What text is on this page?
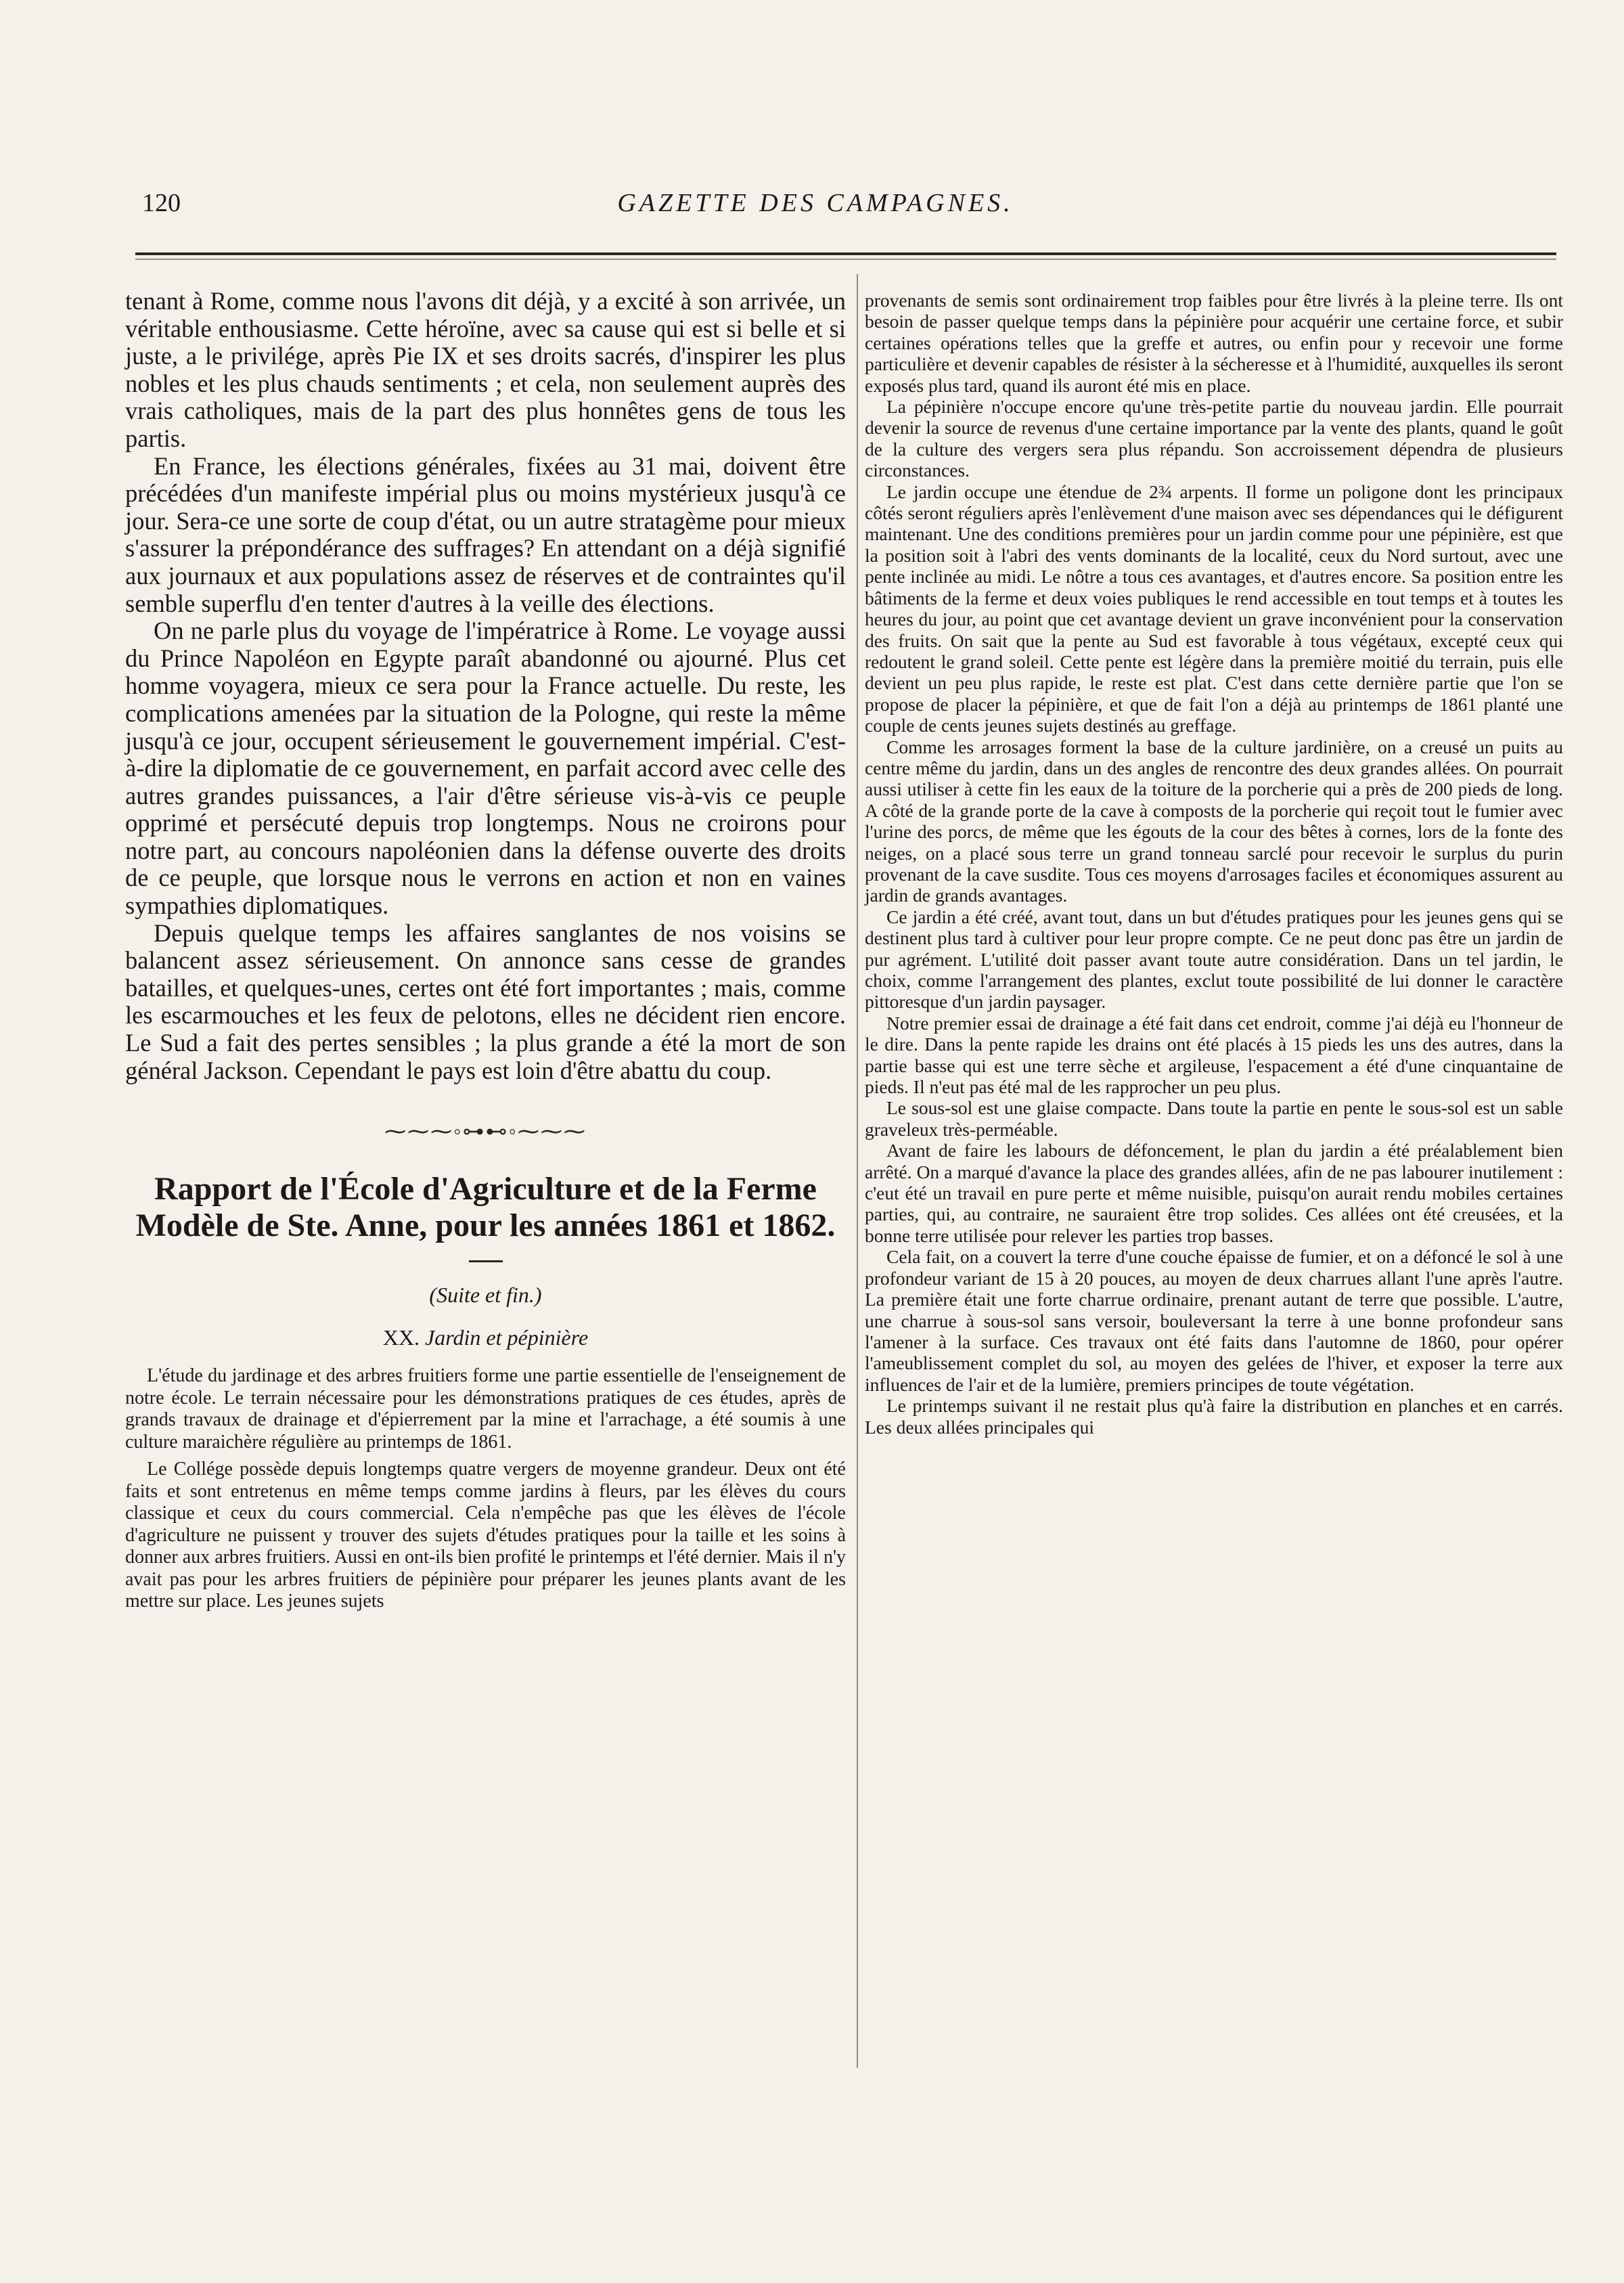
120	GAZETTE DES CAMPAGNES.

tenant à Rome, comme nous l'avons dit déjà, y a excité à son arrivée, un véritable enthousiasme. Cette héroïne, avec sa cause qui est si belle et si juste, a le privilége, après Pie IX et ses droits sacrés, d'inspirer les plus nobles et les plus chauds sentiments ; et cela, non seulement auprès des vrais catholiques, mais de la part des plus honnêtes gens de tous les partis.

En France, les élections générales, fixées au 31 mai, doivent être précédées d'un manifeste impérial plus ou moins mystérieux jusqu'à ce jour. Sera-ce une sorte de coup d'état, ou un autre stratagème pour mieux s'assurer la prépondérance des suffrages? En attendant on a déjà signifié aux journaux et aux populations assez de réserves et de contraintes qu'il semble superflu d'en tenter d'autres à la veille des élections.

On ne parle plus du voyage de l'impératrice à Rome. Le voyage aussi du Prince Napoléon en Egypte paraît abandonné ou ajourné. Plus cet homme voyagera, mieux ce sera pour la France actuelle. Du reste, les complications amenées par la situation de la Pologne, qui reste la même jusqu'à ce jour, occupent sérieusement le gouvernement impérial. C'est-à-dire la diplomatie de ce gouvernement, en parfait accord avec celle des autres grandes puissances, a l'air d'être sérieuse vis-à-vis ce peuple opprimé et persécuté depuis trop longtemps. Nous ne croirons pour notre part, au concours napoléonien dans la défense ouverte des droits de ce peuple, que lorsque nous le verrons en action et non en vaines sympathies diplomatiques.

Depuis quelque temps les affaires sanglantes de nos voisins se balancent assez sérieusement. On annonce sans cesse de grandes batailles, et quelques-unes, certes ont été fort importantes ; mais, comme les escarmouches et les feux de pelotons, elles ne décident rien encore. Le Sud a fait des pertes sensibles ; la plus grande a été la mort de son général Jackson. Cependant le pays est loin d'être abattu du coup.

⁓⁓⁓◦⊶⊷◦⁓⁓⁓
Rapport de l'École d'Agriculture et de la Ferme Modèle de Ste. Anne, pour les années 1861 et 1862.

(Suite et fin.)

XX. Jardin et pépinière

L'étude du jardinage et des arbres fruitiers forme une partie essentielle de l'enseignement de notre école. Le terrain nécessaire pour les démonstrations pratiques de ces études, après de grands travaux de drainage et d'épierrement par la mine et l'arrachage, a été soumis à une culture maraichère régulière au printemps de 1861.

Le Collége possède depuis longtemps quatre vergers de moyenne grandeur. Deux ont été faits et sont entretenus en même temps comme jardins à fleurs, par les élèves du cours classique et ceux du cours commercial. Cela n'empêche pas que les élèves de l'école d'agriculture ne puissent y trouver des sujets d'études pratiques pour la taille et les soins à donner aux arbres fruitiers. Aussi en ont-ils bien profité le printemps et l'été dernier. Mais il n'y avait pas pour les arbres fruitiers de pépinière pour préparer les jeunes plants avant de les mettre sur place. Les jeunes sujets

provenants de semis sont ordinairement trop faibles pour être livrés à la pleine terre. Ils ont besoin de passer quelque temps dans la pépinière pour acquérir une certaine force, et subir certaines opérations telles que la greffe et autres, ou enfin pour y recevoir une forme particulière et devenir capables de résister à la sécheresse et à l'humidité, auxquelles ils seront exposés plus tard, quand ils auront été mis en place.

La pépinière n'occupe encore qu'une très-petite partie du nouveau jardin. Elle pourrait devenir la source de revenus d'une certaine importance par la vente des plants, quand le goût de la culture des vergers sera plus répandu. Son accroissement dépendra de plusieurs circonstances.

Le jardin occupe une étendue de 2¾ arpents. Il forme un poligone dont les principaux côtés seront réguliers après l'enlèvement d'une maison avec ses dépendances qui le défigurent maintenant. Une des conditions premières pour un jardin comme pour une pépinière, est que la position soit à l'abri des vents dominants de la localité, ceux du Nord surtout, avec une pente inclinée au midi. Le nôtre a tous ces avantages, et d'autres encore. Sa position entre les bâtiments de la ferme et deux voies publiques le rend accessible en tout temps et à toutes les heures du jour, au point que cet avantage devient un grave inconvénient pour la conservation des fruits. On sait que la pente au Sud est favorable à tous végétaux, excepté ceux qui redoutent le grand soleil. Cette pente est légère dans la première moitié du terrain, puis elle devient un peu plus rapide, le reste est plat. C'est dans cette dernière partie que l'on se propose de placer la pépinière, et que de fait l'on a déjà au printemps de 1861 planté une couple de cents jeunes sujets destinés au greffage.

Comme les arrosages forment la base de la culture jardinière, on a creusé un puits au centre même du jardin, dans un des angles de rencontre des deux grandes allées. On pourrait aussi utiliser à cette fin les eaux de la toiture de la porcherie qui a près de 200 pieds de long. A côté de la grande porte de la cave à composts de la porcherie qui reçoit tout le fumier avec l'urine des porcs, de même que les égouts de la cour des bêtes à cornes, lors de la fonte des neiges, on a placé sous terre un grand tonneau sarclé pour recevoir le surplus du purin provenant de la cave susdite. Tous ces moyens d'arrosages faciles et économiques assurent au jardin de grands avantages.

Ce jardin a été créé, avant tout, dans un but d'études pratiques pour les jeunes gens qui se destinent plus tard à cultiver pour leur propre compte. Ce ne peut donc pas être un jardin de pur agrément. L'utilité doit passer avant toute autre considération. Dans un tel jardin, le choix, comme l'arrangement des plantes, exclut toute possibilité de lui donner le caractère pittoresque d'un jardin paysager.

Notre premier essai de drainage a été fait dans cet endroit, comme j'ai déjà eu l'honneur de le dire. Dans la pente rapide les drains ont été placés à 15 pieds les uns des autres, dans la partie basse qui est une terre sèche et argileuse, l'espacement a été d'une cinquantaine de pieds. Il n'eut pas été mal de les rapprocher un peu plus.

Le sous-sol est une glaise compacte. Dans toute la partie en pente le sous-sol est un sable graveleux très-perméable.

Avant de faire les labours de défoncement, le plan du jardin a été préalablement bien arrêté. On a marqué d'avance la place des grandes allées, afin de ne pas labourer inutilement : c'eut été un travail en pure perte et même nuisible, puisqu'on aurait rendu mobiles certaines parties, qui, au contraire, ne sauraient être trop solides. Ces allées ont été creusées, et la bonne terre utilisée pour relever les parties trop basses.

Cela fait, on a couvert la terre d'une couche épaisse de fumier, et on a défoncé le sol à une profondeur variant de 15 à 20 pouces, au moyen de deux charrues allant l'une après l'autre. La première était une forte charrue ordinaire, prenant autant de terre que possible. L'autre, une charrue à sous-sol sans versoir, bouleversant la terre à une bonne profondeur sans l'amener à la surface. Ces travaux ont été faits dans l'automne de 1860, pour opérer l'ameublissement complet du sol, au moyen des gelées de l'hiver, et exposer la terre aux influences de l'air et de la lumière, premiers principes de toute végétation.

Le printemps suivant il ne restait plus qu'à faire la distribution en planches et en carrés. Les deux allées principales qui
